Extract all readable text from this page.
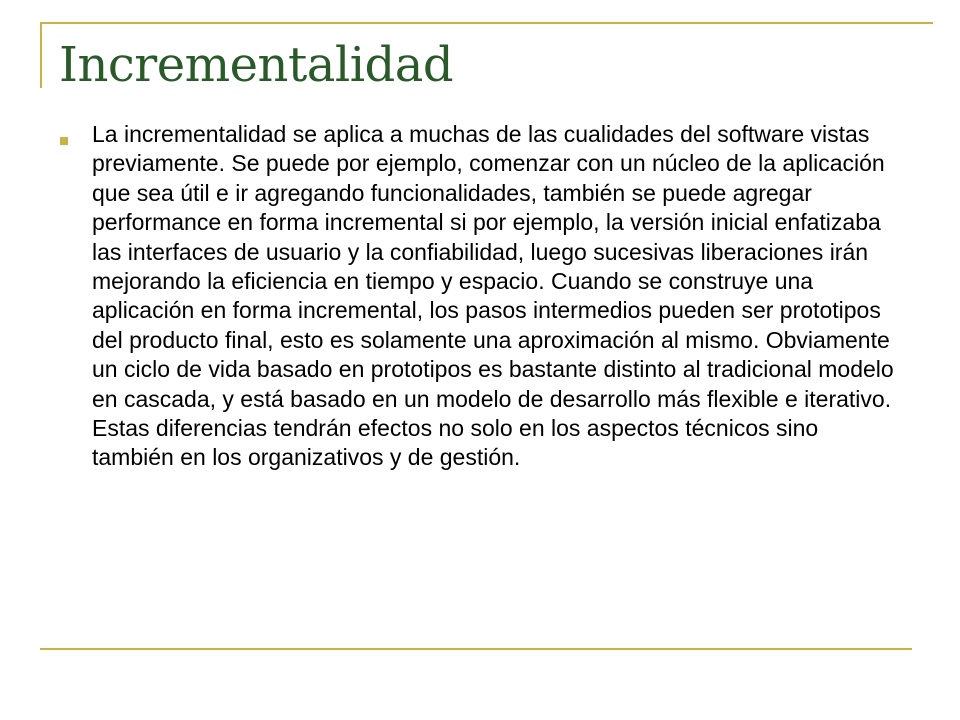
Incrementalidad
La incrementalidad se aplica a muchas de las cualidades del software vistas previamente. Se puede por ejemplo, comenzar con un núcleo de la aplicación que sea útil e ir agregando funcionalidades, también se puede agregar performance en forma incremental si por ejemplo, la versión inicial enfatizaba las interfaces de usuario y la confiabilidad, luego sucesivas liberaciones irán mejorando la eficiencia en tiempo y espacio. Cuando se construye una aplicación en forma incremental, los pasos intermedios pueden ser prototipos del producto final, esto es solamente una aproximación al mismo. Obviamente un ciclo de vida basado en prototipos es bastante distinto al tradicional modelo en cascada, y está basado en un modelo de desarrollo más flexible e iterativo. Estas diferencias tendrán efectos no solo en los aspectos técnicos sino también en los organizativos y de gestión.
